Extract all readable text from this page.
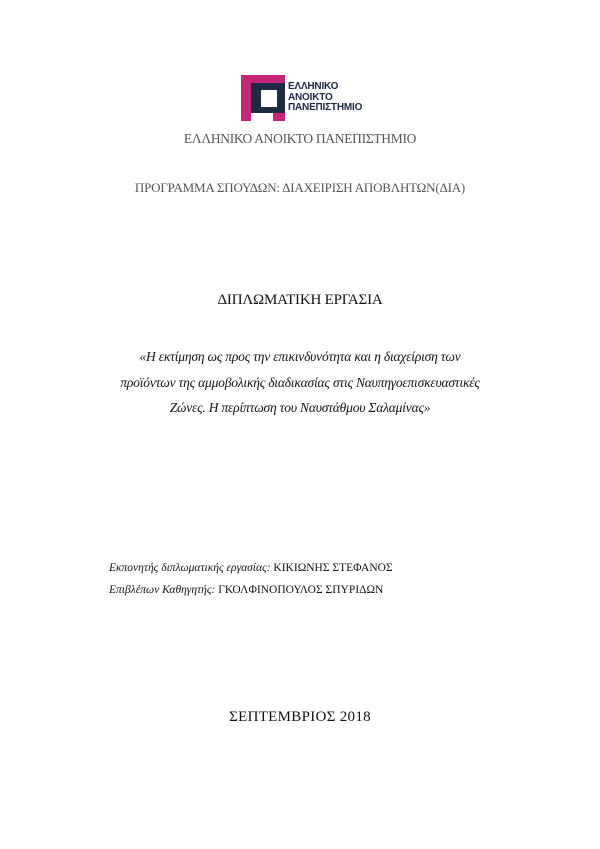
ΕΛΛΗΝΙΚΟ
ΑΝΟΙΚΤΟ
ΠΑΝΕΠΙΣΤΗΜΙΟ
ΕΛΛΗΝΙΚΟ ΑΝΟΙΚΤΟ ΠΑΝΕΠΙΣΤΗΜΙΟ
ΠΡΟΓΡΑΜΜΑ ΣΠΟΥΔΩΝ: ΔΙΑΧΕΙΡΙΣΗ ΑΠΟΒΛΗΤΩΝ(ΔΙΑ)
ΔΙΠΛΩΜΑΤΙΚΗ ΕΡΓΑΣΙΑ
«Η εκτίμηση ως προς την επικινδυνότητα και η διαχείριση των
προϊόντων της αμμοβολικής διαδικασίας στις Ναυπηγοεπισκευαστικές
Ζώνες. Η περίπτωση του Ναυστάθμου Σαλαμίνας»
Εκπονητής διπλωματικής εργασίας: ΚΙΚΙΩΝΗΣ ΣΤΕΦΑΝΟΣ
Επιβλέπων Καθηγητής: ΓΚΟΛΦΙΝΟΠΟΥΛΟΣ ΣΠΥΡΙΔΩΝ
ΣΕΠΤΕΜΒΡΙΟΣ 2018
